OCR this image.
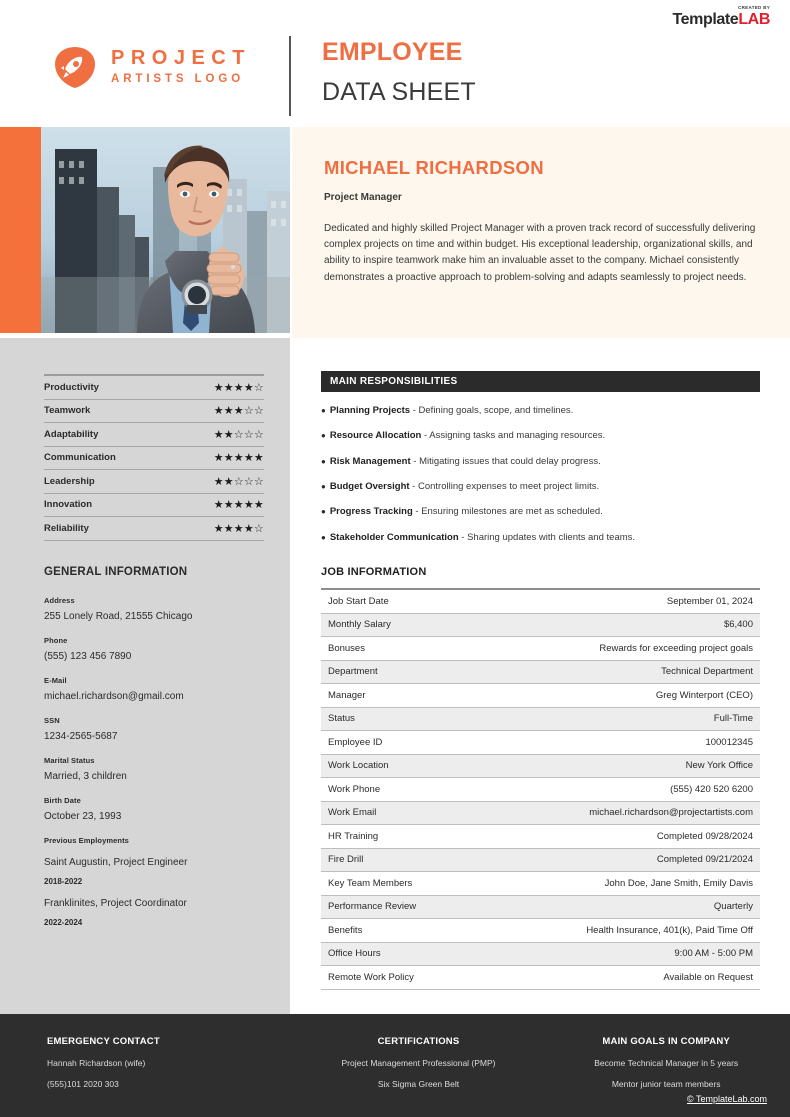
CREATED BY
TemplateLAB
PROJECT
ARTISTS LOGO
EMPLOYEE
DATA SHEET
MICHAEL RICHARDSON
Project Manager
Dedicated and highly skilled Project Manager with a proven track record of successfully delivering complex projects on time and within budget. His exceptional leadership, organizational skills, and ability to inspire teamwork make him an invaluable asset to the company. Michael consistently demonstrates a proactive approach to problem-solving and adapts seamlessly to project needs.
Productivity	★★★★☆
Teamwork	★★★☆☆
Adaptability	★★☆☆☆
Communication	★★★★★
Leadership	★★☆☆☆
Innovation	★★★★★
Reliability	★★★★☆
GENERAL INFORMATION
Address
255 Lonely Road, 21555 Chicago
Phone
(555) 123 456 7890
E-Mail
michael.richardson@gmail.com
SSN
1234-2565-5687
Marital Status
Married, 3 children
Birth Date
October 23, 1993
Previous Employments
Saint Augustin, Project Engineer
2018-2022
Franklinites, Project Coordinator
2022-2024
MAIN RESPONSIBILITIES
● Planning Projects - Defining goals, scope, and timelines.
● Resource Allocation - Assigning tasks and managing resources.
● Risk Management - Mitigating issues that could delay progress.
● Budget Oversight - Controlling expenses to meet project limits.
● Progress Tracking - Ensuring milestones are met as scheduled.
● Stakeholder Communication - Sharing updates with clients and teams.
JOB INFORMATION
Job Start Date	September 01, 2024
Monthly Salary	$6,400
Bonuses	Rewards for exceeding project goals
Department	Technical Department
Manager	Greg Winterport (CEO)
Status	Full-Time
Employee ID	100012345
Work Location	New York Office
Work Phone	(555) 420 520 6200
Work Email	michael.richardson@projectartists.com
HR Training	Completed 09/28/2024
Fire Drill	Completed 09/21/2024
Key Team Members	John Doe, Jane Smith, Emily Davis
Performance Review	Quarterly
Benefits	Health Insurance, 401(k), Paid Time Off
Office Hours	9:00 AM - 5:00 PM
Remote Work Policy	Available on Request
EMERGENCY CONTACT
Hannah Richardson (wife)
(555)101 2020 303
CERTIFICATIONS
Project Management Professional (PMP)
Six Sigma Green Belt
MAIN GOALS IN COMPANY
Become Technical Manager in 5 years
Mentor junior team members
© TemplateLab.com
